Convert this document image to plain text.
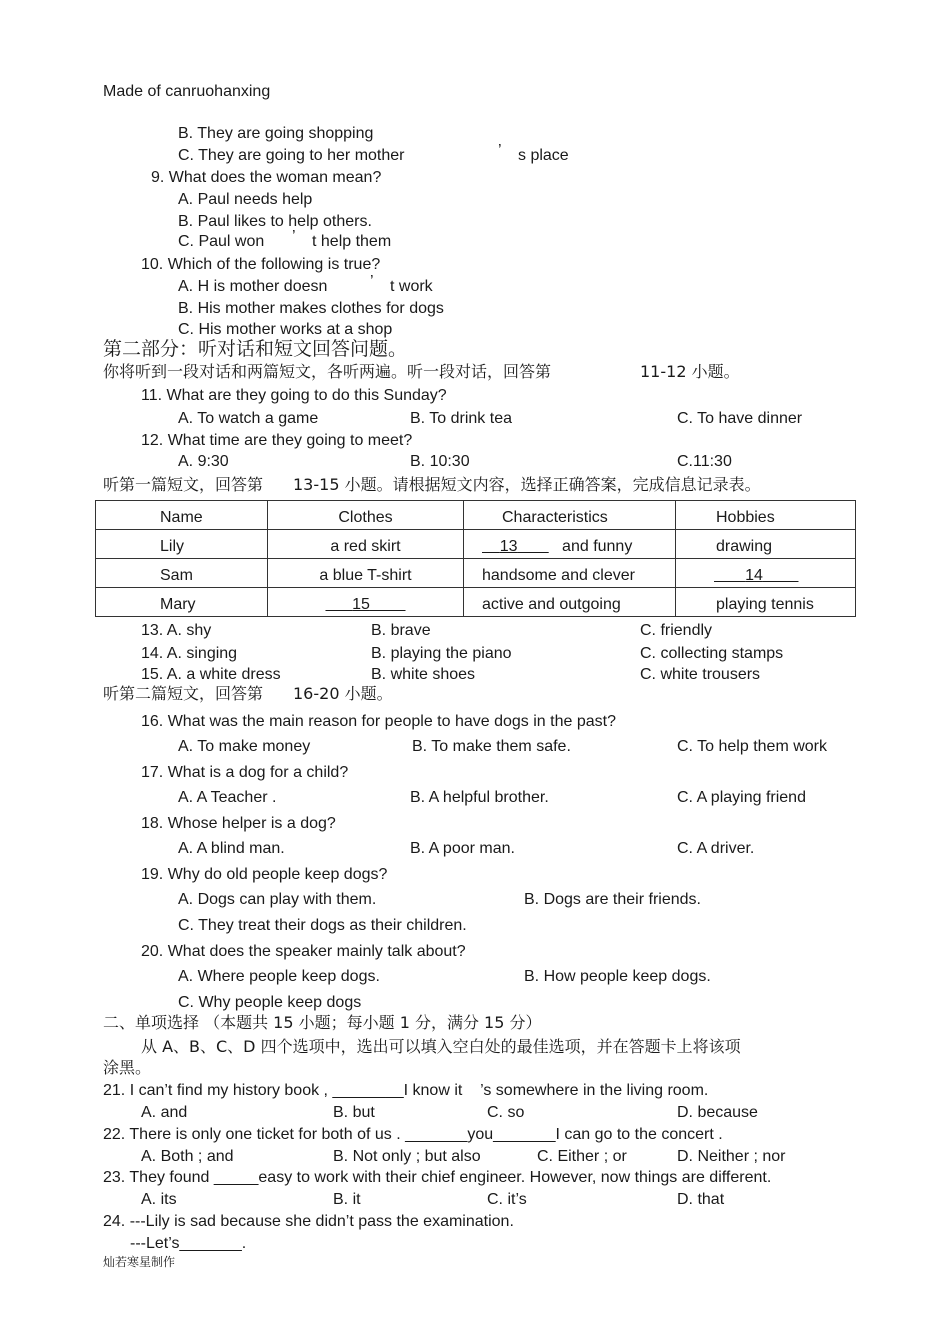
Made of canruohanxing
B. They are going shopping
C. They are going to her mother	’ s place
9. What does the woman mean?
A. Paul needs help
B. Paul likes to help others.
C. Paul won ’ t help them
10. Which of the following is true?
A. H is mother doesn	’ t work
B. His mother makes clothes for dogs
C. His mother works at a shop
第二部分：听对话和短文回答问题。
你将听到一段对话和两篇短文，各听两遍。听一段对话，回答第	11-12 小题。
11. What are they going to do this Sunday?
A. To watch a game	B. To drink tea	C. To have dinner
12. What time are they going to meet?
A. 9:30	B. 10:30	C.11:30
听第一篇短文，回答第 13-15 小题。请根据短文内容，选择正确答案，完成信息记录表。
Name	Clothes	Characteristics	Hobbies
Lily	a red skirt	13 and funny	drawing
Sam	a blue T-shirt	handsome and clever	14
Mary	15	active and outgoing	playing tennis
13. A. shy	B. brave	C. friendly
14. A. singing	B. playing the piano	C. collecting stamps
15. A. a white dress	B. white shoes	C. white trousers
听第二篇短文，回答第 16-20 小题。
16. What was the main reason for people to have dogs in the past?
A. To make money	B. To make them safe.	C. To help them work
17. What is a dog for a child?
A. A Teacher .	B. A helpful brother.	C. A playing friend
18. Whose helper is a dog?
A. A blind man.	B. A poor man.	C. A driver.
19. Why do old people keep dogs?
A. Dogs can play with them.	B. Dogs are their friends.
C. They treat their dogs as their children.
20. What does the speaker mainly talk about?
A. Where people keep dogs.	B. How people keep dogs.
C. Why people keep dogs
二、单项选择 （本题共 15 小题；每小题 1 分，满分 15 分）
从 A、B、C、D 四个选项中，选出可以填入空白处的最佳选项，并在答题卡上将该项
涂黑。
21. I can’t find my history book , ________I know it    ’s somewhere in the living room.
A. and	B. but	C. so	D. because
22. There is only one ticket for both of us . _______you_______I can go to the concert .
A. Both ; and	B. Not only ; but also	C. Either ; or	D. Neither ; nor
23. They found _____easy to work with their chief engineer. However, now things are different.
A. its	B. it	C. it’s	D. that
24. ---Lily is sad because she didn’t pass the examination.
---Let’s_______.
灿若寒星制作
